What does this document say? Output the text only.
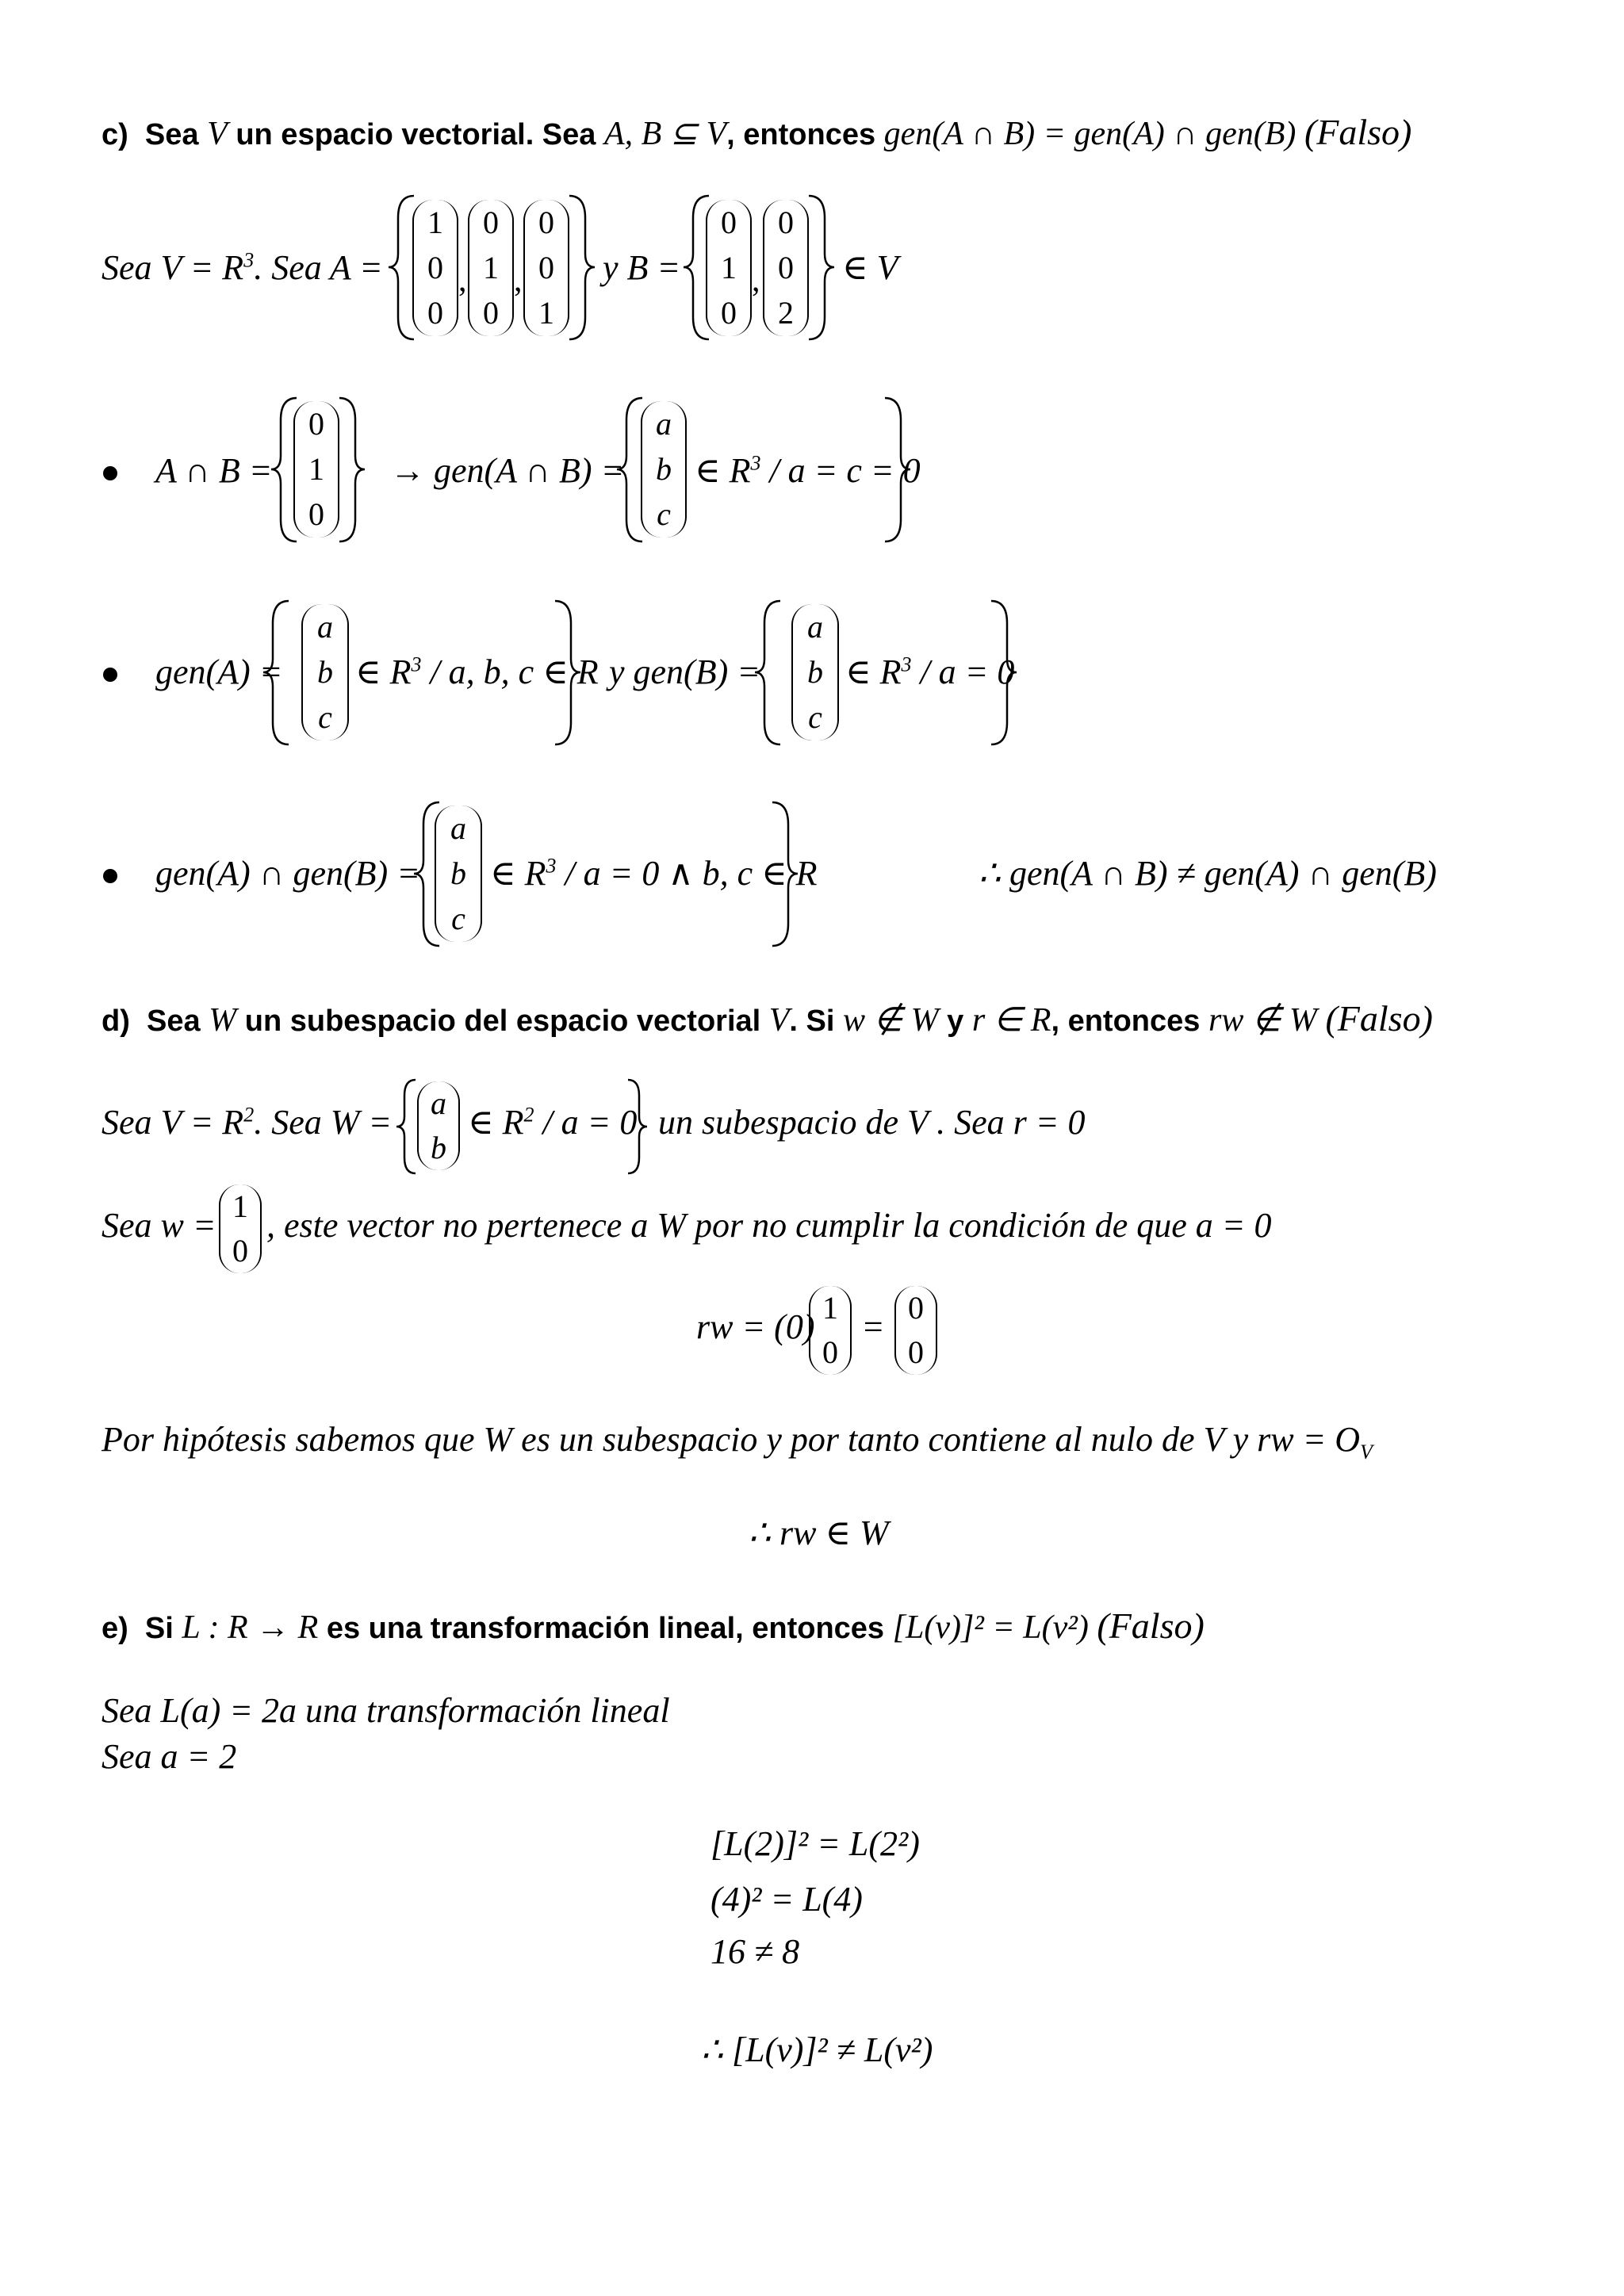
c) Sea V un espacio vectorial. Sea A, B ⊆ V, entonces gen(A ∩ B) = gen(A) ∩ gen(B) (Falso)
Sea $V = R^3$. Sea A =
1
0
0
,
0
1
0
,
0
0
1
y B =
0
1
0
,
0
0
2
∈ V
A ∩ B =
0
1
0
→ gen(A ∩ B) =
a
b
c
∈ $R^3 / a = c = 0$
gen(A) =
a
b
c
∈ $R^3$ / a, b, c ∈ R y gen(B) =
a
b
c
∈ $R^3 / a = 0$
gen(A) ∩ gen(B) =
a
b
c
∈ $R^3 / a = 0$ ∧ b, c ∈ R	∴ gen(A ∩ B) ≠ gen(A) ∩ gen(B)
d) Sea W un subespacio del espacio vectorial V. Si w ∉ W y r ∈ R, entonces rw ∉ W (Falso)
Sea $V = R^2$. Sea W = a
b
∈ $R^2 / a = 0$ un subespacio de V . Sea r = 0
Sea w = 1
0
, este vector no pertenece a W por no cumplir la condición de que a = 0
rw = (0) 1
0
= 0
0
Por hipótesis sabemos que W es un subespacio y por tanto contiene al nulo de V y rw = $O_V$
∴ rw ∈ W
e) Si L : R → R es una transformación lineal, entonces [L(v)]² = L(v²) (Falso)
Sea L(a) = 2a una transformación lineal
Sea a = 2
[L(2)]² = L(2²)
(4)² = L(4)
16 ≠ 8
∴ [L(v)]² ≠ L(v²)
